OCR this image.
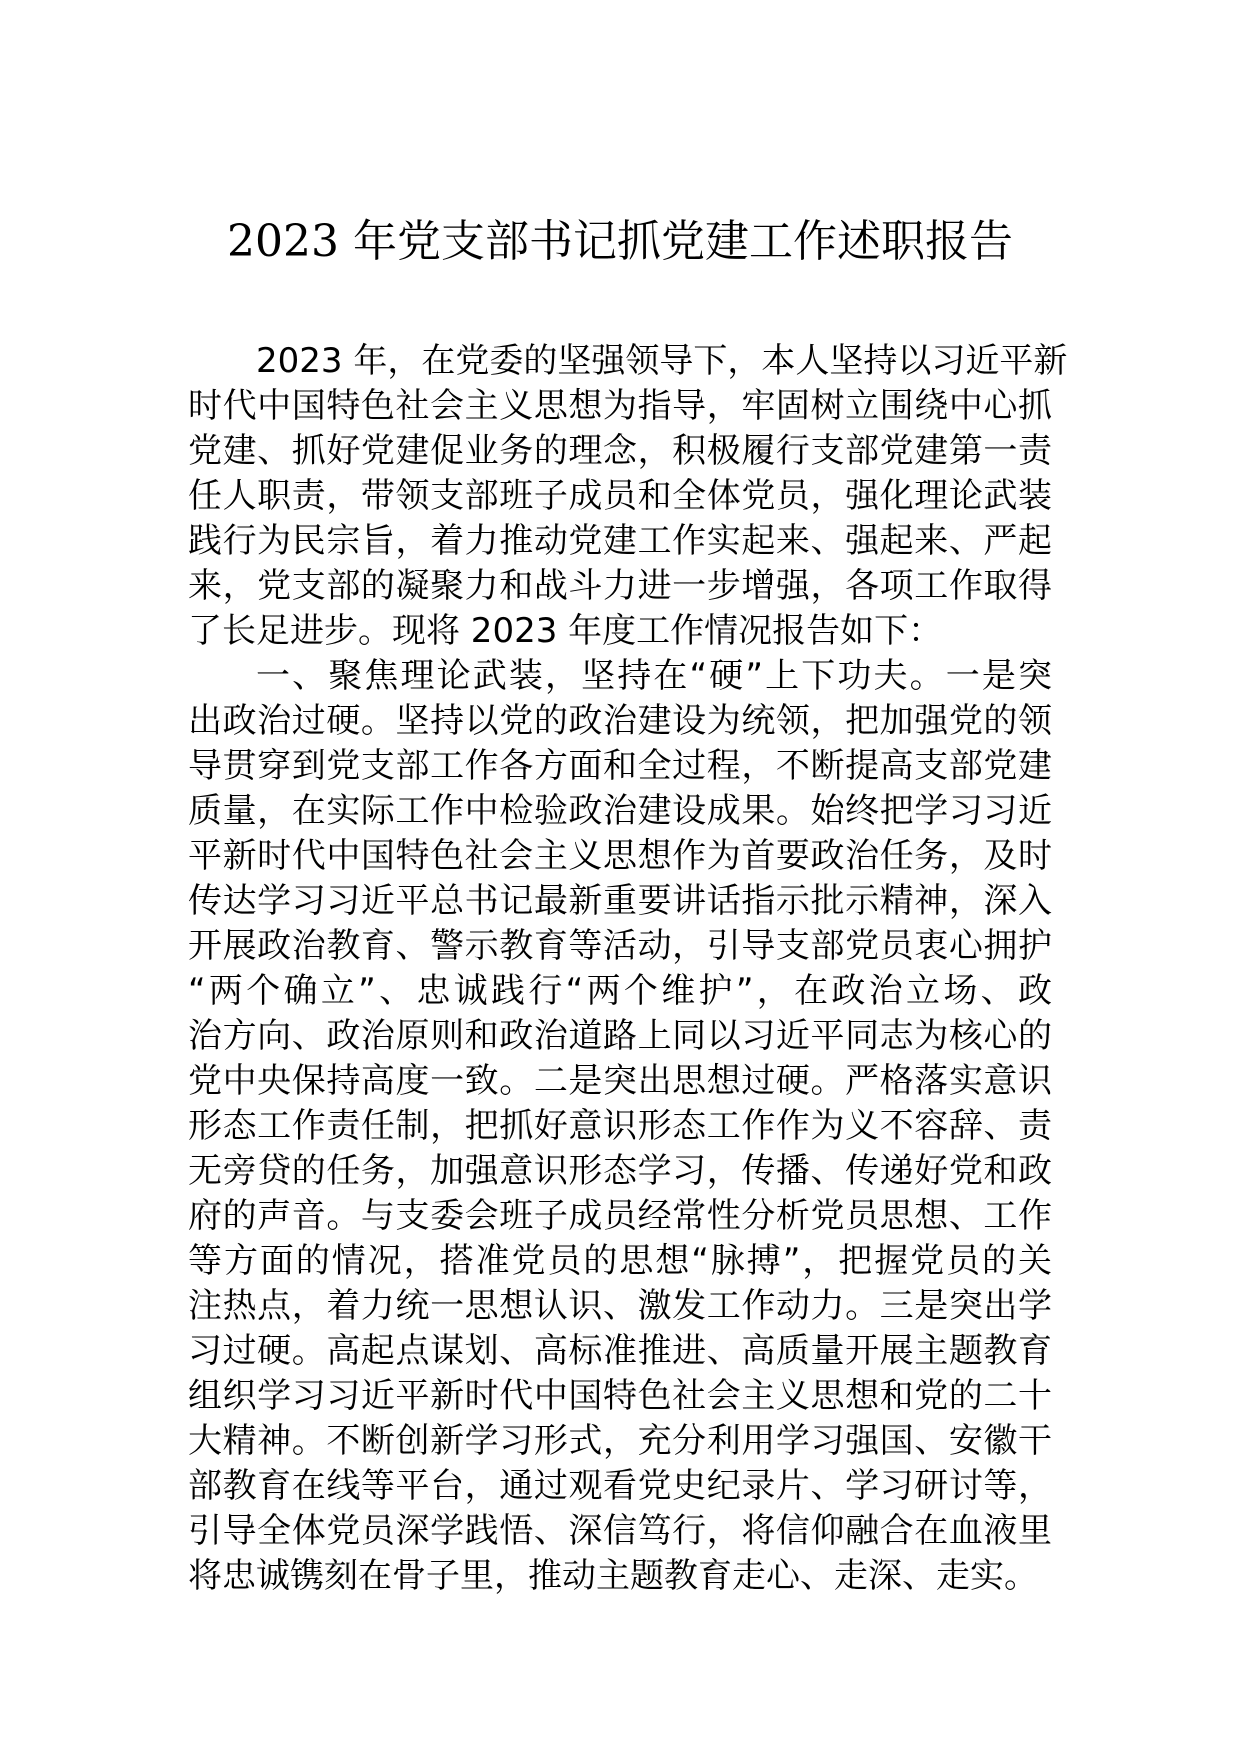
2023 年党支部书记抓党建工作述职报告
2023 年，在党委的坚强领导下，本人坚持以习近平新
时代中国特色社会主义思想为指导，牢固树立围绕中心抓
党建、抓好党建促业务的理念，积极履行支部党建第一责
任人职责，带领支部班子成员和全体党员，强化理论武装
践行为民宗旨，着力推动党建工作实起来、强起来、严起
来，党支部的凝聚力和战斗力进一步增强，各项工作取得
了长足进步。现将 2023 年度工作情况报告如下：
一、聚焦理论武装，坚持在“硬”上下功夫。一是突
出政治过硬。坚持以党的政治建设为统领，把加强党的领
导贯穿到党支部工作各方面和全过程，不断提高支部党建
质量，在实际工作中检验政治建设成果。始终把学习习近
平新时代中国特色社会主义思想作为首要政治任务，及时
传达学习习近平总书记最新重要讲话指示批示精神，深入
开展政治教育、警示教育等活动，引导支部党员衷心拥护
“两个确立”、忠诚践行“两个维护”，在政治立场、政
治方向、政治原则和政治道路上同以习近平同志为核心的
党中央保持高度一致。二是突出思想过硬。严格落实意识
形态工作责任制，把抓好意识形态工作作为义不容辞、责
无旁贷的任务，加强意识形态学习，传播、传递好党和政
府的声音。与支委会班子成员经常性分析党员思想、工作
等方面的情况，搭准党员的思想“脉搏”，把握党员的关
注热点，着力统一思想认识、激发工作动力。三是突出学
习过硬。高起点谋划、高标准推进、高质量开展主题教育
组织学习习近平新时代中国特色社会主义思想和党的二十
大精神。不断创新学习形式，充分利用学习强国、安徽干
部教育在线等平台，通过观看党史纪录片、学习研讨等，
引导全体党员深学践悟、深信笃行，将信仰融合在血液里
将忠诚镌刻在骨子里，推动主题教育走心、走深、走实。
